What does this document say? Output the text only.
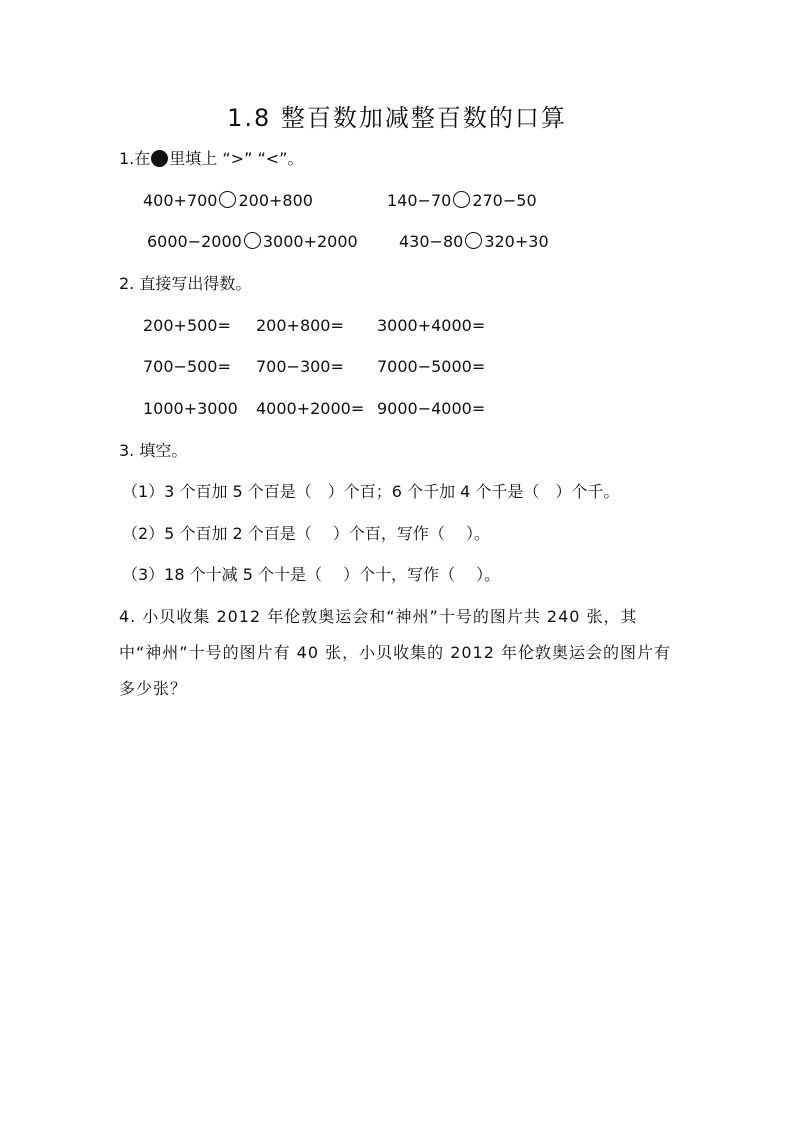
1.8 整百数加减整百数的口算
1.在 里填上 “>” “<”。
400+700 200+800	140−70 270−50
6000−2000 3000+2000	430−80 320+30
2. 直接写出得数。
200+500= 200+800= 3000+4000=
700−500= 700−300= 7000−5000=
1000+3000 4000+2000= 9000−4000=
3. 填空。
（1）3 个百加 5 个百是（　）个百；6 个千加 4 个千是（　）个千。
（2）5 个百加 2 个百是（　 ）个百，写作（　 ）。
（3）18 个十减 5 个十是（　 ）个十，写作（　 ）。
4. 小贝收集 2012 年伦敦奥运会和“神州”十号的图片共 240 张，其中“神州”十号的图片有 40 张，小贝收集的 2012 年伦敦奥运会的图片有多少张？
